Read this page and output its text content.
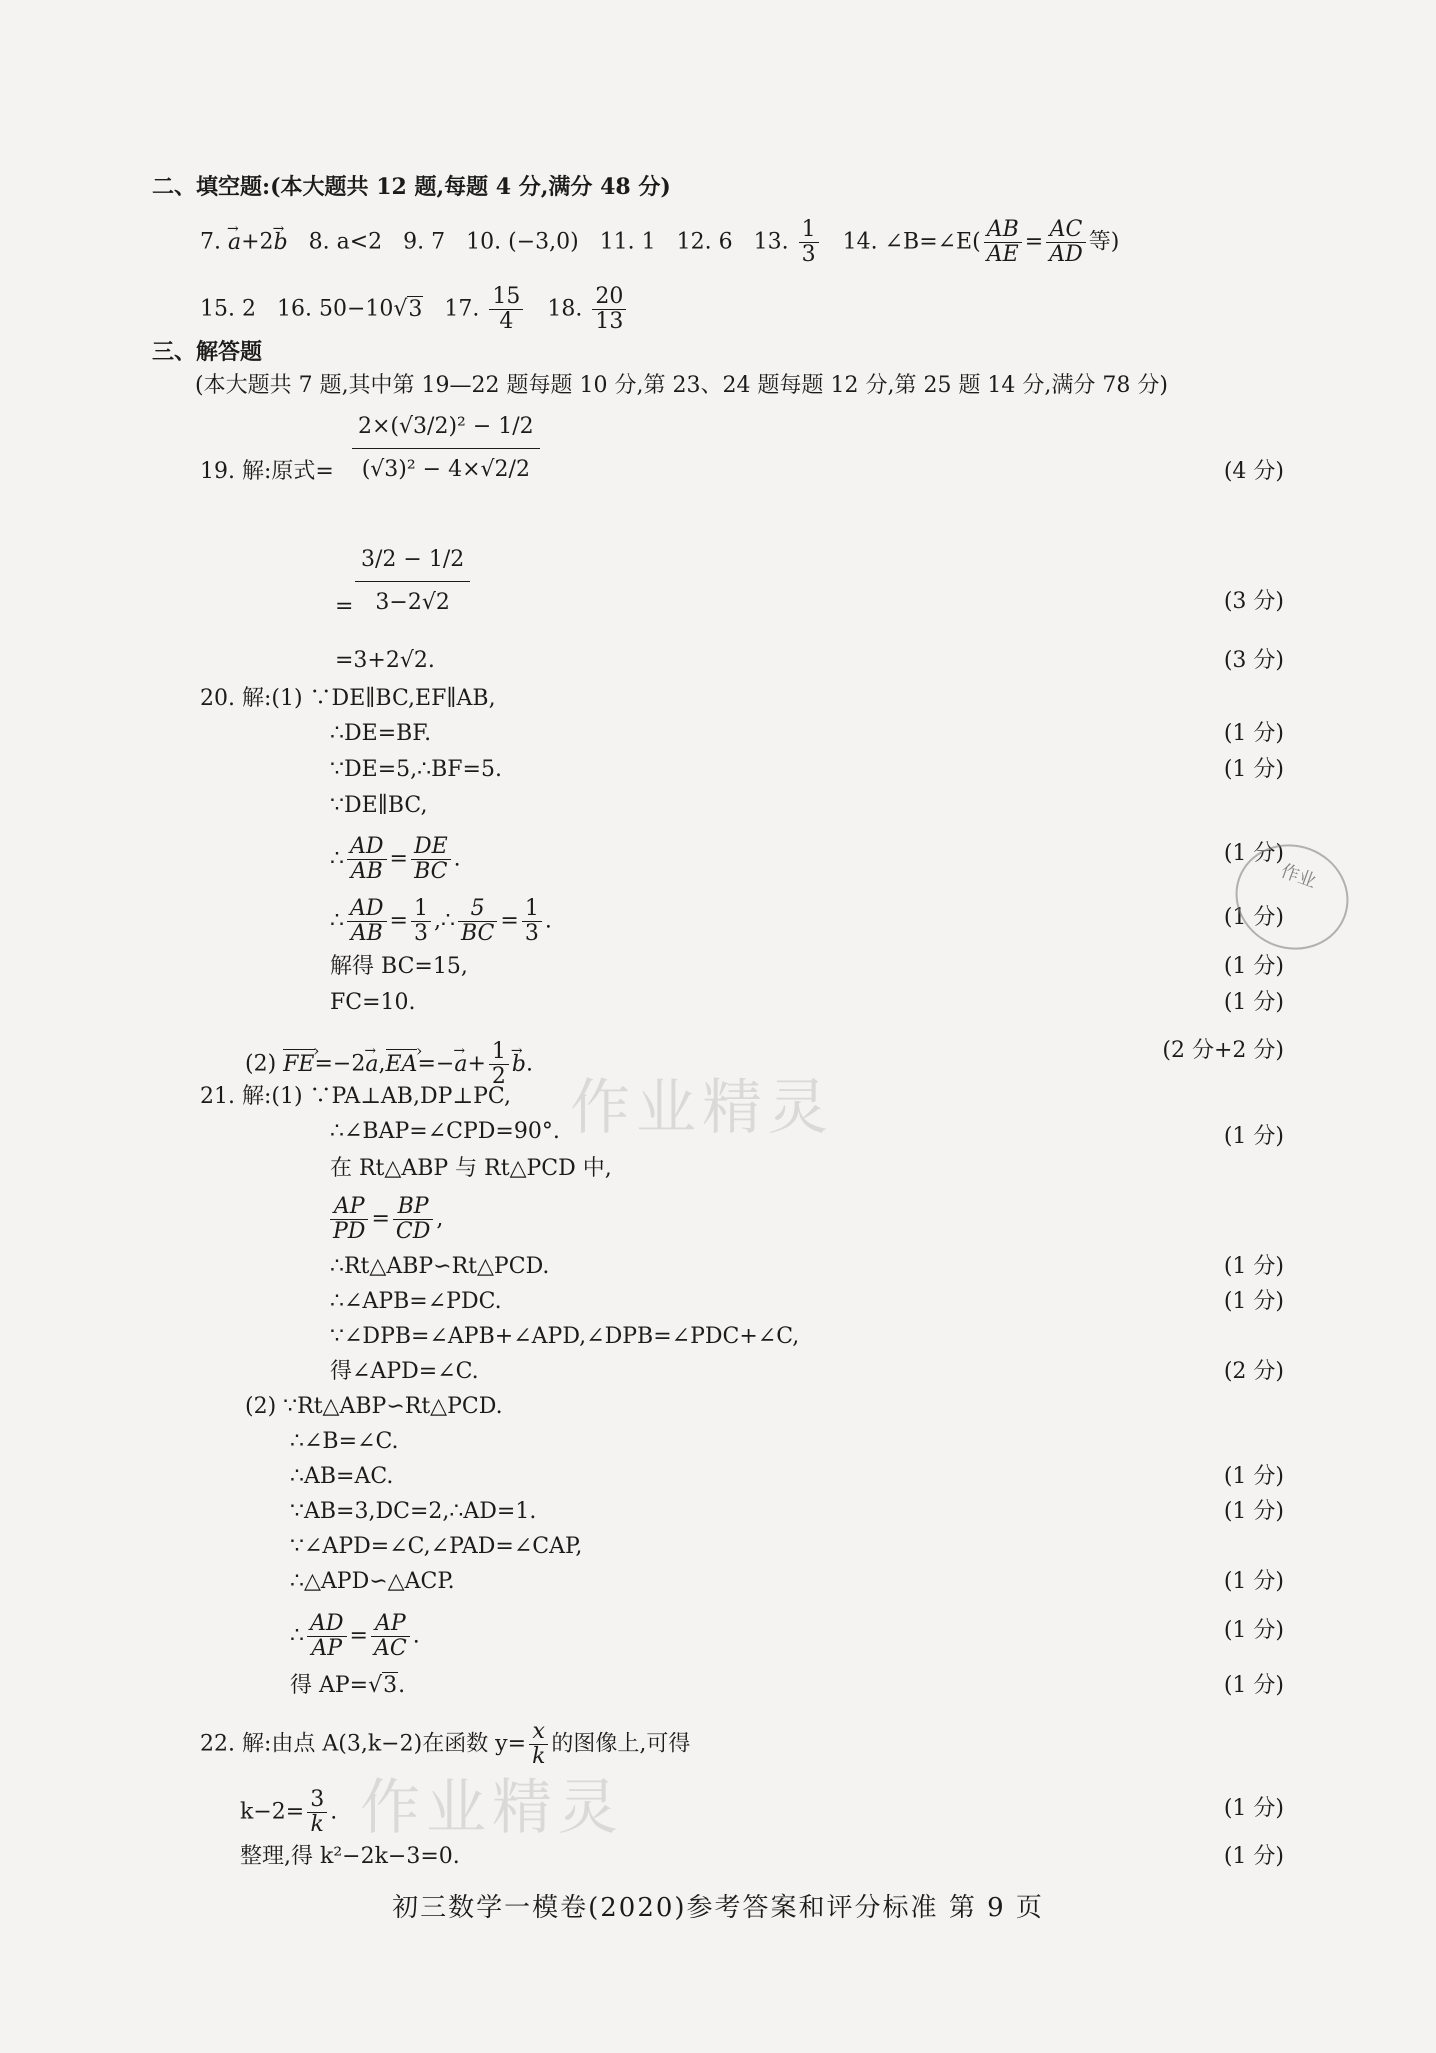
二、填空题:(本大题共 12 题,每题 4 分,满分 48 分)
7. → a+2→ b 8. a<2 9. 7 10. (−3,0) 11. 1 12. 6 13. $\frac{1}{3} 14$. ∠B=∠E( $\frac{AB}{AE} = \frac{AC}{AD}$ 等)
15. 2 16. 50−10√3 17. $\frac{15}{4} 18$. $\frac{20}{13}$
三、解答题
(本大题共 7 题,其中第 19—22 题每题 10 分,第 23、24 题每题 12 分,第 25 题 14 分,满分 78 分)
19. 解:原式= $\frac{\text{2×(√3/2)² − 1/2}}{\text{(√3)² − 4×√2/2}}$	(4 分)
= $\frac{3/2 - 1/2}{3-2√2}$	(3 分)
=3+2√2.	(3 分)
20. 解:(1) ∵DE∥BC,EF∥AB,
∴DE=BF.	(1 分)
∵DE=5,∴BF=5.	(1 分)
∵DE∥BC,
∴ $\frac{AD}{AB} = \frac{DE}{BC}$ .	(1 分)
∴ $\frac{AD}{AB} = \frac{1}{3}$ ,∴ $\frac{5}{BC} = \frac{1}{3}$ .	(1 分)
解得 BC=15,	(1 分)
FC=10.	(1 分)
(2) FE ›=−2→ a,EA ›=−→ $a+ \frac{1}{2}$
→ b.
(2 分+2 分)
21. 解:(1) ∵PA⊥AB,DP⊥PC,
∴∠BAP=∠CPD=90°.	(1 分)
在 Rt△ABP 与 Rt△PCD 中,
$\frac{AP}{PD} = \frac{BP}{CD}$ ,
∴Rt△ABP∽Rt△PCD.	(1 分)
∴∠APB=∠PDC.	(1 分)
∵∠DPB=∠APB+∠APD,∠DPB=∠PDC+∠C,
得∠APD=∠C.	(2 分)
(2) ∵Rt△ABP∽Rt△PCD.
∴∠B=∠C.
∴AB=AC.	(1 分)
∵AB=3,DC=2,∴AD=1.	(1 分)
∵∠APD=∠C,∠PAD=∠CAP,
∴△APD∽△ACP.	(1 分)
∴ $\frac{AD}{AP} = \frac{AP}{AC}$ .	(1 分)
得 AP=√3.	(1 分)
22. 解:由点 A(3,k−2)在函数 $y= \frac{x}{k}$ 的图像上,可得
$k-2= \frac{3}{k}$ .	(1 分)
整理,得 k²−2k−3=0.	(1 分)
作业
作业精灵
作业精灵
初三数学一模卷(2020)参考答案和评分标准 第 9 页
